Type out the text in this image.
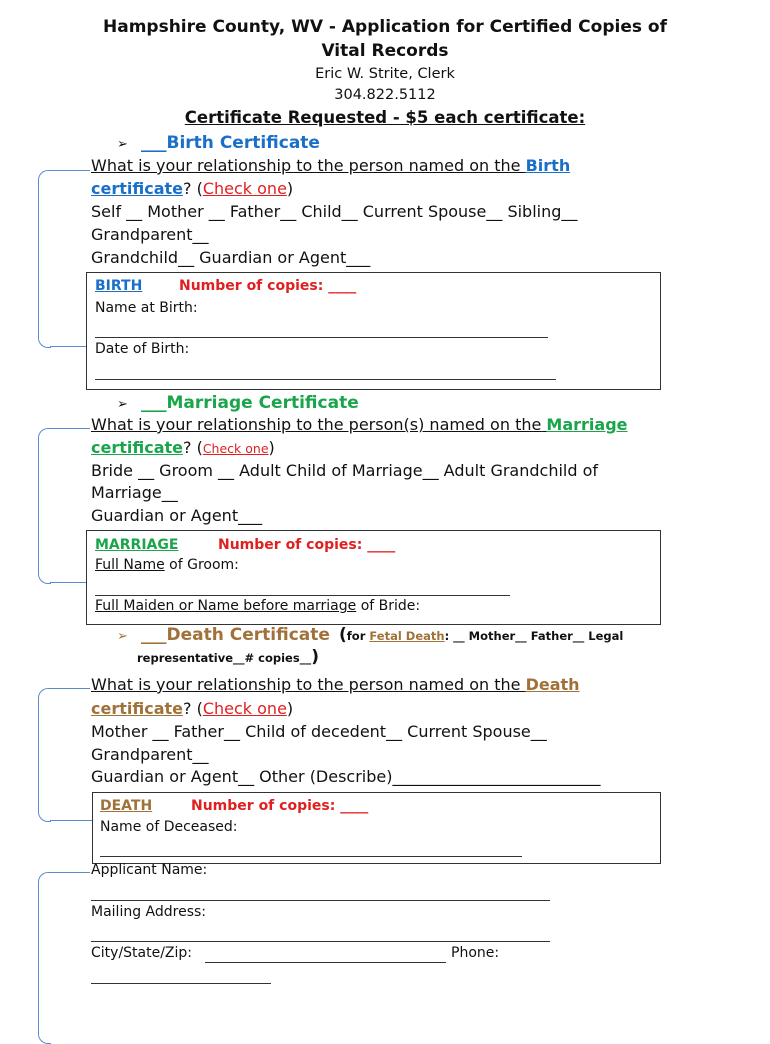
Hampshire County, WV - Application for Certified Copies of
Vital Records
Eric W. Strite, Clerk
304.822.5112
Certificate Requested - $5 each certificate:
➢ ___Birth Certificate
What is your relationship to the person named on the Birth
certificate? (Check one)
Self __ Mother __ Father__ Child__ Current Spouse__ Sibling__
Grandparent__
Grandchild__ Guardian or Agent___
BIRTH	Number of copies: ____
Name at Birth:
Date of Birth:
➢ ___Marriage Certificate
What is your relationship to the person(s) named on the Marriage
certificate? (Check one)
Bride __ Groom __ Adult Child of Marriage__ Adult Grandchild of
Marriage__
Guardian or Agent___
MARRIAGE	Number of copies: ____
Full Name of Groom:
Full Maiden or Name before marriage of Bride:
➢ ___Death Certificate (for Fetal Death: __ Mother__ Father__ Legal
representative__# copies__)
What is your relationship to the person named on the Death
certificate? (Check one)
Mother __ Father__ Child of decedent__ Current Spouse__
Grandparent__
Guardian or Agent__ Other (Describe)__________________________
DEATH	Number of copies: ____
Name of Deceased:
Applicant Name:
Mailing Address:
City/State/Zip:	Phone:
